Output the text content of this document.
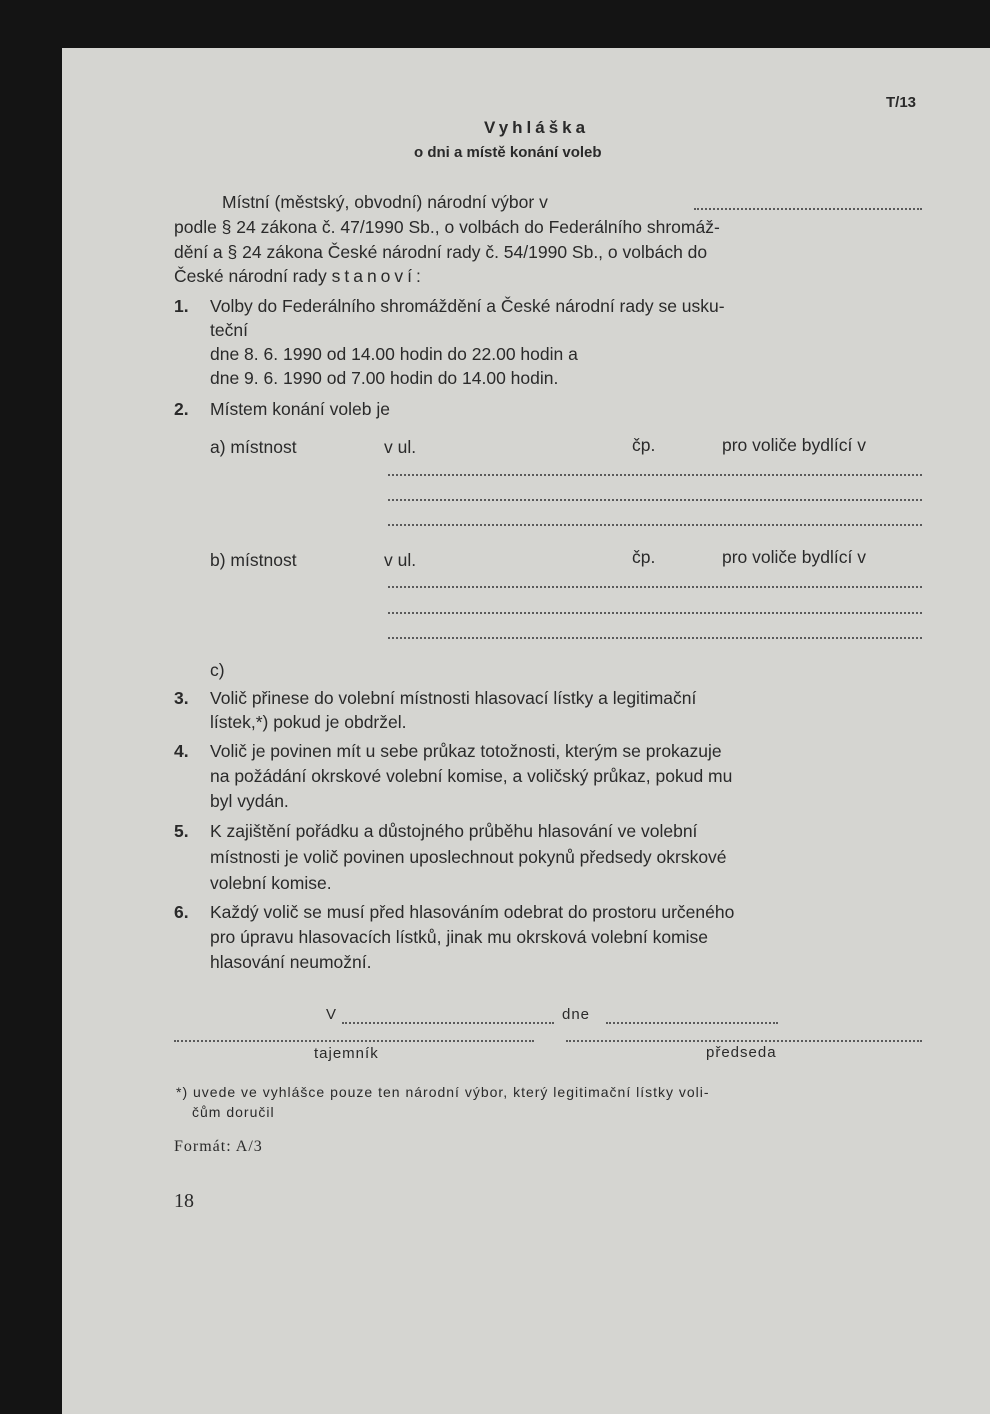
T/13
Vyhláška
o dni a místě konání voleb
Místní (městský, obvodní) národní výbor v
podle § 24 zákona č. 47/1990 Sb., o volbách do Federálního shromáž-
dění a § 24 zákona České národní rady č. 54/1990 Sb., o volbách do
České národní rady stanoví:
1. Volby do Federálního shromáždění a České národní rady se usku-
teční
dne 8. 6. 1990 od 14.00 hodin do 22.00 hodin a
dne 9. 6. 1990 od 7.00 hodin do 14.00 hodin.
2. Místem konání voleb je
a) místnost	v ul.	čp.	pro voliče bydlící v
b) místnost	v ul.	čp.	pro voliče bydlící v
c)
3. Volič přinese do volební místnosti hlasovací lístky a legitimační
lístek,*) pokud je obdržel.
4. Volič je povinen mít u sebe průkaz totožnosti, kterým se prokazuje
na požádání okrskové volební komise, a voličský průkaz, pokud mu
byl vydán.
5. K zajištění pořádku a důstojného průběhu hlasování ve volební
místnosti je volič povinen uposlechnout pokynů předsedy okrskové
volební komise.
6. Každý volič se musí před hlasováním odebrat do prostoru určeného
pro úpravu hlasovacích lístků, jinak mu okrsková volební komise
hlasování neumožní.
V	dne
tajemník	předseda
*) uvede ve vyhlášce pouze ten národní výbor, který legitimační lístky voli-
čům doručil
Formát: A/3
18
